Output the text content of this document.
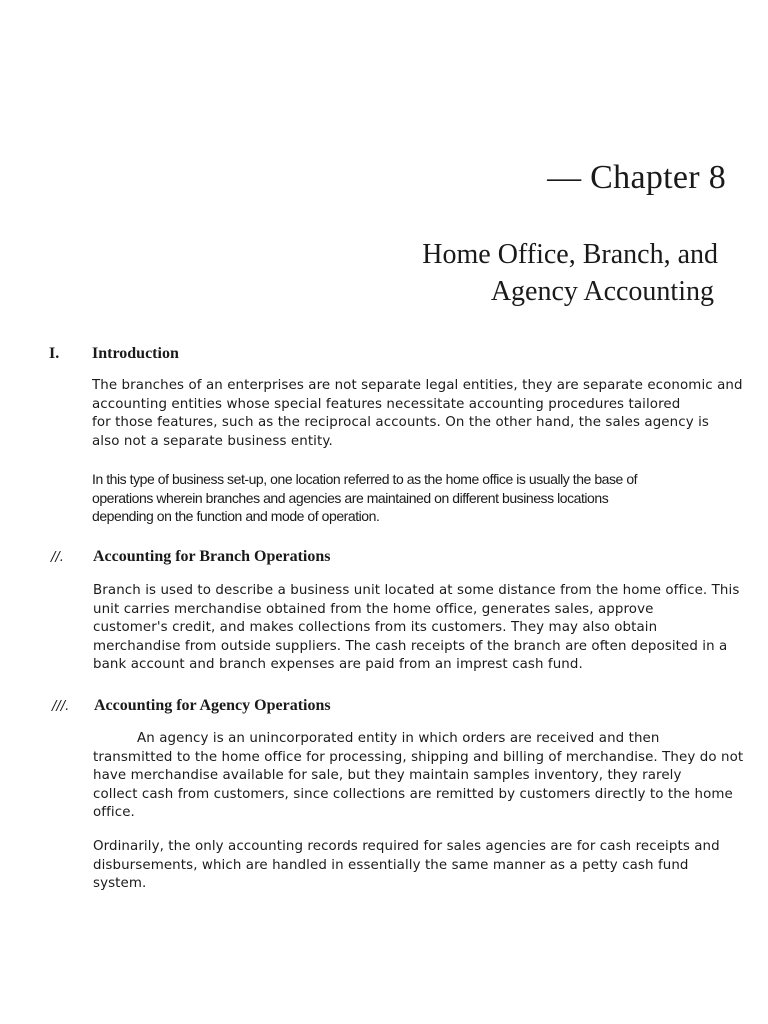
— Chapter 8
Home Office, Branch, and
Agency Accounting
I. Introduction

The branches of an enterprises are not separate legal entities, they are separate economic and
accounting entities whose special features necessitate accounting procedures tailored
for those features, such as the reciprocal accounts. On the other hand, the sales agency is
also not a separate business entity.

In this type of business set-up, one location referred to as the home office is usually the base of
operations wherein branches and agencies are maintained on different business locations
depending on the function and mode of operation.

//. Accounting for Branch Operations

Branch is used to describe a business unit located at some distance from the home office. This
unit carries merchandise obtained from the home office, generates sales, approve
customer's credit, and makes collections from its customers. They may also obtain
merchandise from outside suppliers. The cash receipts of the branch are often deposited in a
bank account and branch expenses are paid from an imprest cash fund.

///. Accounting for Agency Operations

An agency is an unincorporated entity in which orders are received and then
transmitted to the home office for processing, shipping and billing of merchandise. They do not
have merchandise available for sale, but they maintain samples inventory, they rarely
collect cash from customers, since collections are remitted by customers directly to the home
office.

Ordinarily, the only accounting records required for sales agencies are for cash receipts and
disbursements, which are handled in essentially the same manner as a petty cash fund
system.
